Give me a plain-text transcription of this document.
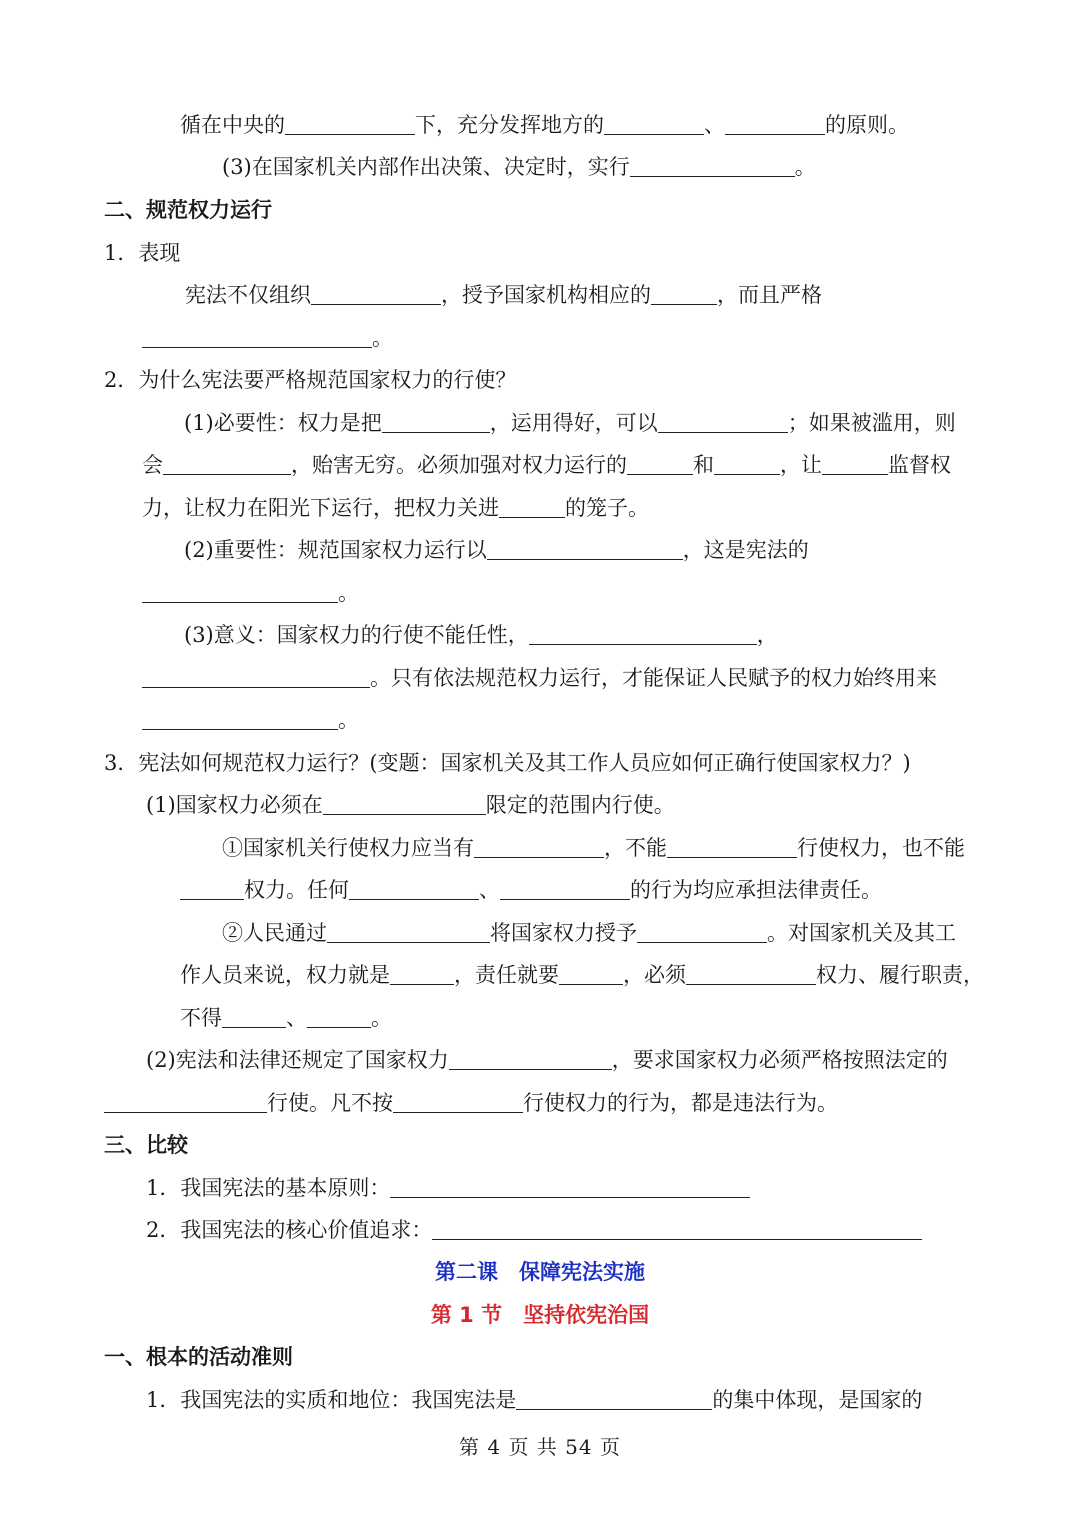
循在中央的	下，充分发挥地方的	、	的原则。
(3)在国家机关内部作出决策、决定时，实行	。
二、规范权力运行
1．表现
宪法不仅组织	，授予国家机构相应的	，而且严格
。
2．为什么宪法要严格规范国家权力的行使？
(1)必要性：权力是把	，运用得好，可以	；如果被滥用，则
会	，贻害无穷。必须加强对权力运行的	和	，让	监督权
力，让权力在阳光下运行，把权力关进	的笼子。
(2)重要性：规范国家权力运行以	，这是宪法的
。
(3)意义：国家权力的行使不能任性，	，
。只有依法规范权力运行，才能保证人民赋予的权力始终用来
。
3．宪法如何规范权力运行？(变题：国家机关及其工作人员应如何正确行使国家权力？)
(1)国家权力必须在	限定的范围内行使。
①国家机关行使权力应当有	，不能	行使权力，也不能
权力。任何	、	的行为均应承担法律责任。
②人民通过	将国家权力授予	。对国家机关及其工
作人员来说，权力就是	，责任就要	，必须	权力、履行职责，
不得	、	。
(2)宪法和法律还规定了国家权力	，要求国家权力必须严格按照法定的
行使。凡不按	行使权力的行为，都是违法行为。
三、比较
1．我国宪法的基本原则：
2．我国宪法的核心价值追求：
第二课　保障宪法实施
第 1 节　坚持依宪治国
一、根本的活动准则
1．我国宪法的实质和地位：我国宪法是	的集中体现，是国家的
第 4 页 共 54 页
